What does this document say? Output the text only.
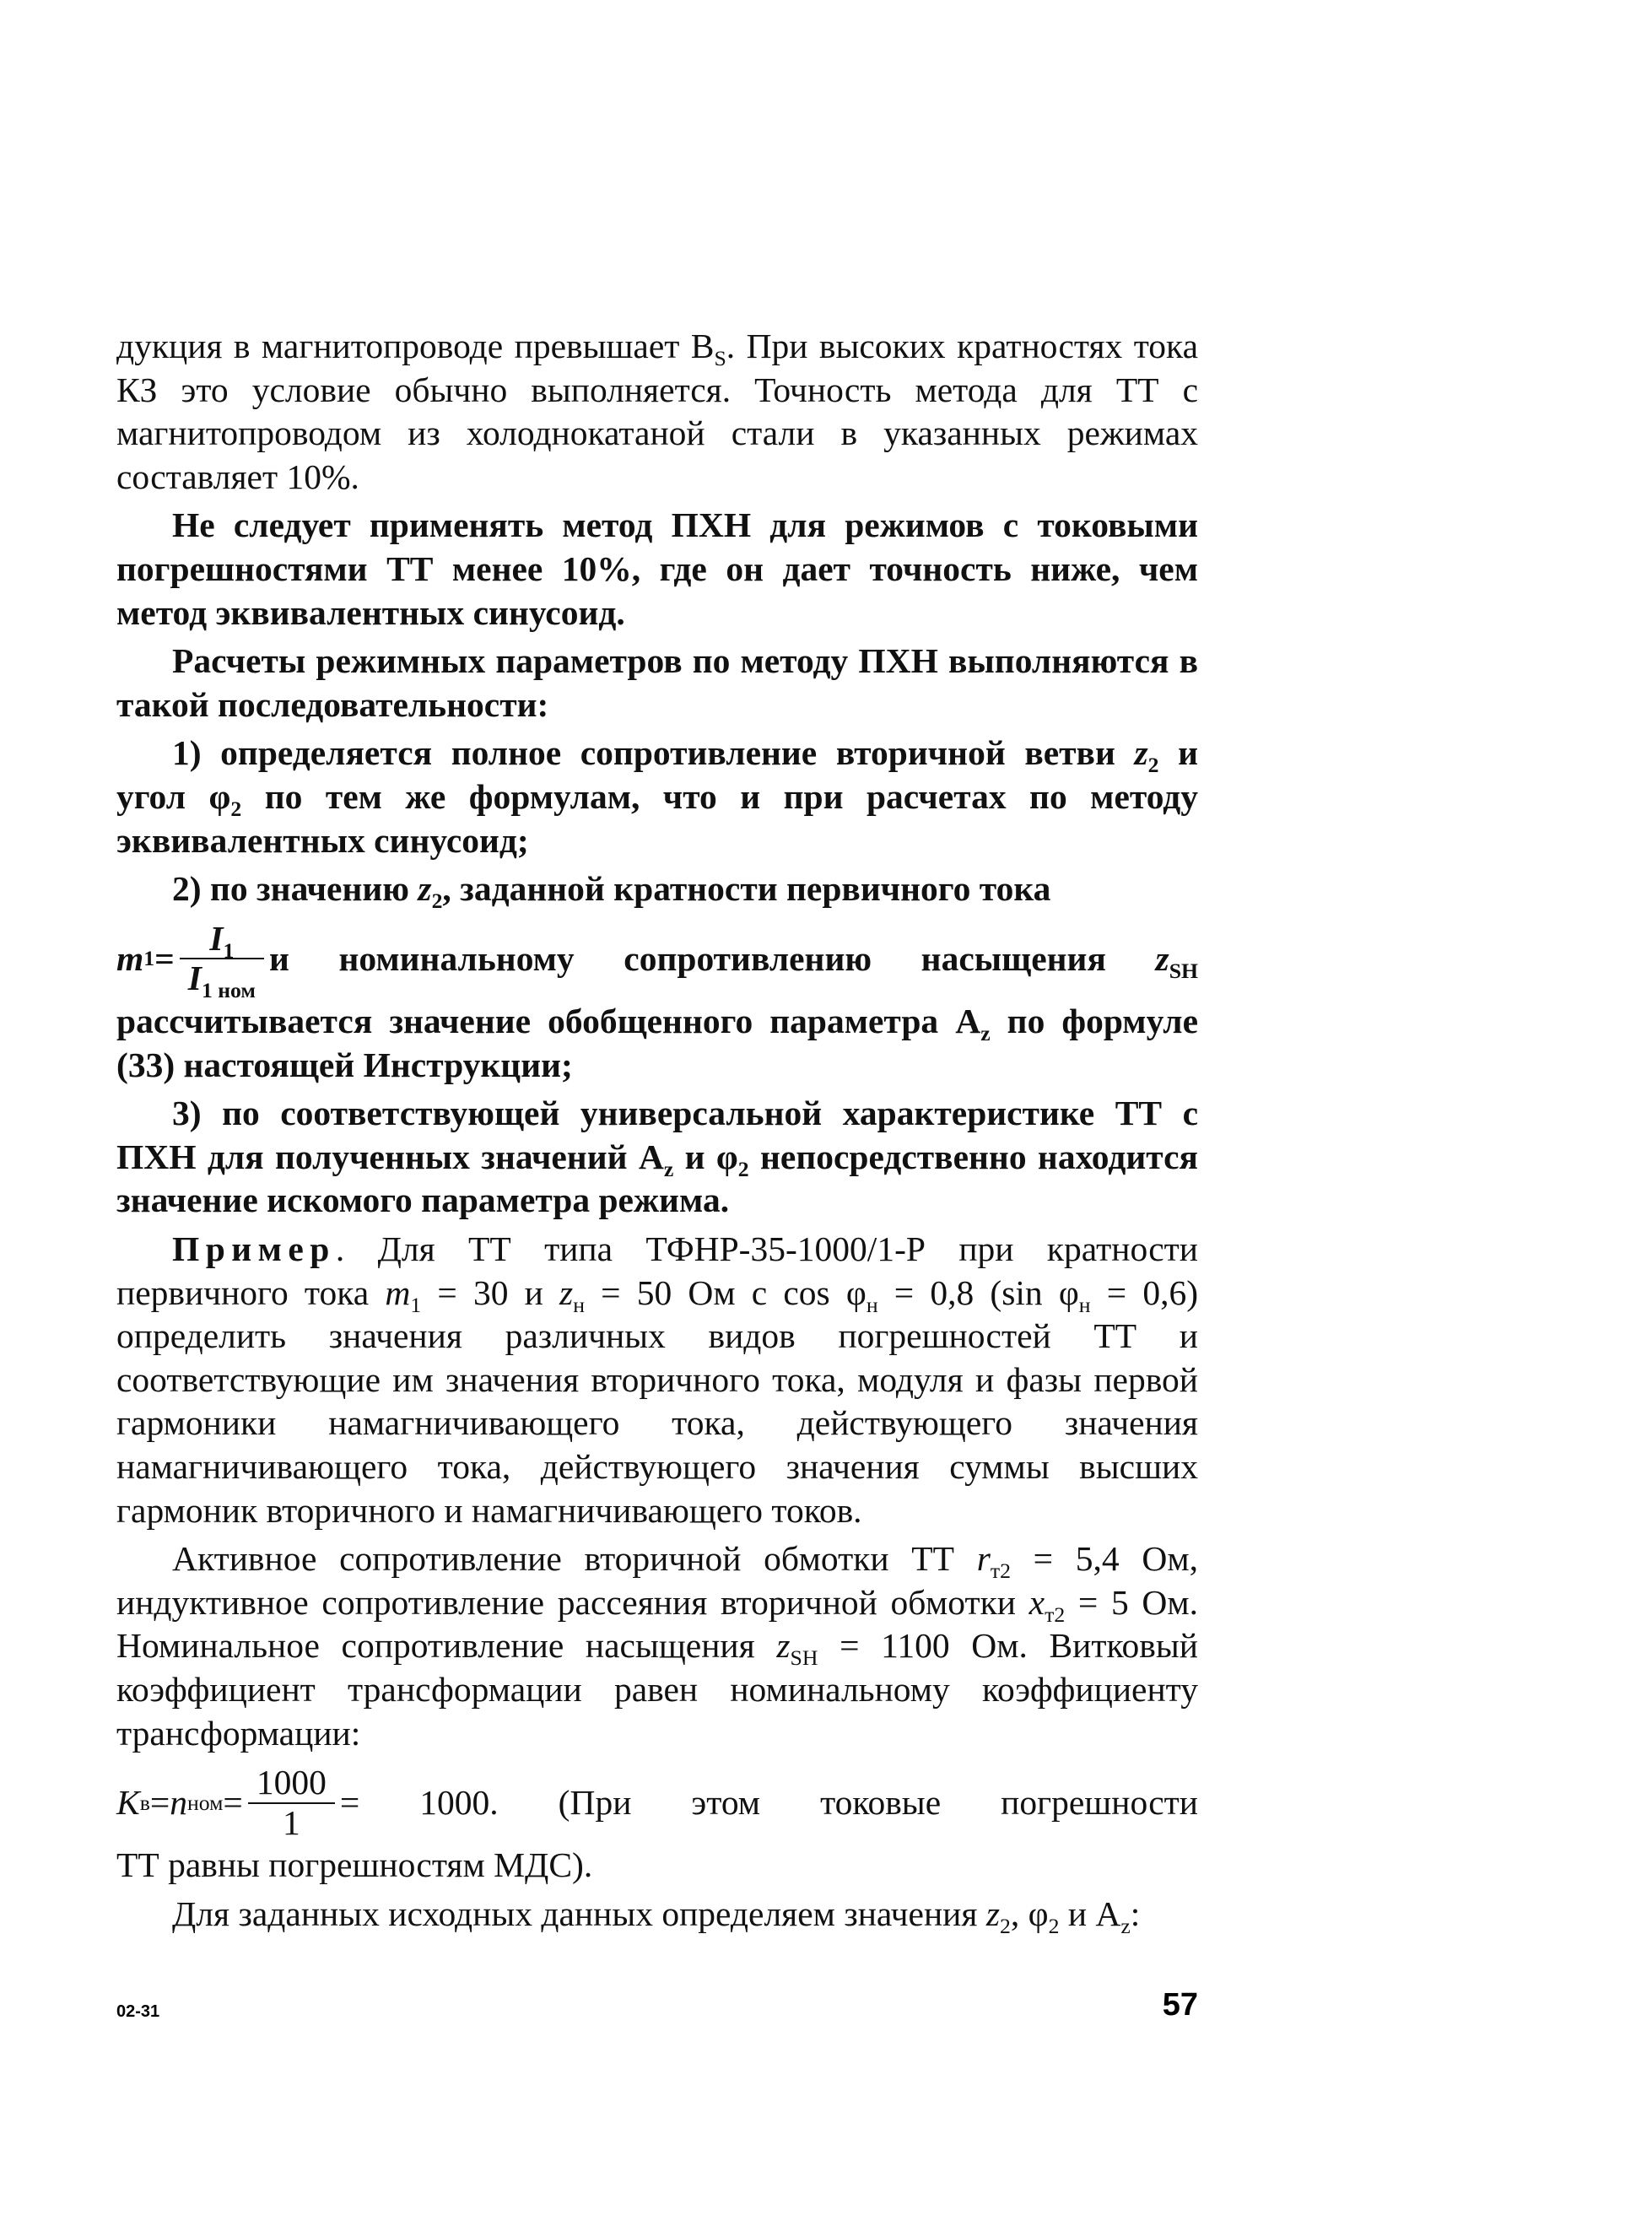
дукция в магнитопроводе превышает $B_S$. При высоких кратностях тока КЗ это условие обычно выполняется. Точность метода для ТТ с магнитопроводом из холоднокатаной стали в указанных режимах составляет 10%.

Не следует применять метод ПХН для режимов с токовыми погрешностями ТТ менее 10%, где он дает точность ниже, чем метод эквивалентных синусоид.

Расчеты режимных параметров по методу ПХН выполняются в такой последовательности:

1) определяется полное сопротивление вторичной ветви $z_2$ и угол $\varphi_2$ по тем же формулам, что и при расчетах по методу эквивалентных синусоид;

2) по значению $z_2$, заданной кратности первичного тока

m $1 = \frac{I_1}{I_{1 ном}}$ и номинальному сопротивлению насыщения $z_{SH}$

рассчитывается значение обобщенного параметра $A_z$ по формуле (33) настоящей Инструкции;

3) по соответствующей универсальной характеристике ТТ с ПХН для полученных значений $A_z$ и $\varphi_2$ непосредственно находится значение искомого параметра режима.

Пример. Для ТТ типа ТФНР-35-1000/1-Р при кратности первичного тока $m_1 = 30$ и $z_н = 50$ Ом с $\cos \varphi_н = 0,8$ (sin $\varphi_н = 0,6$) определить значения различных видов погрешностей ТТ и соответствующие им значения вторичного тока, модуля и фазы первой гармоники намагничивающего тока, действующего значения намагничивающего тока, действующего значения суммы высших гармоник вторичного и намагничивающего токов.

Активное сопротивление вторичной обмотки ТТ $r_{т2} = 5,4$ Ом, индуктивное сопротивление рассеяния вторичной обмотки $x_{т2} = 5$ Ом. Номинальное сопротивление насыщения $z_{SH} = 1100$ Ом. Витковый коэффициент трансформации равен номинальному коэффициенту трансформации:

K в = n ном = $\frac{1000}{1} = 1000$. (При этом токовые погрешности

ТТ равны погрешностям МДС).

Для заданных исходных данных определяем значения $z_2$, $\varphi_2$ и $A_z$:

02-31	57
